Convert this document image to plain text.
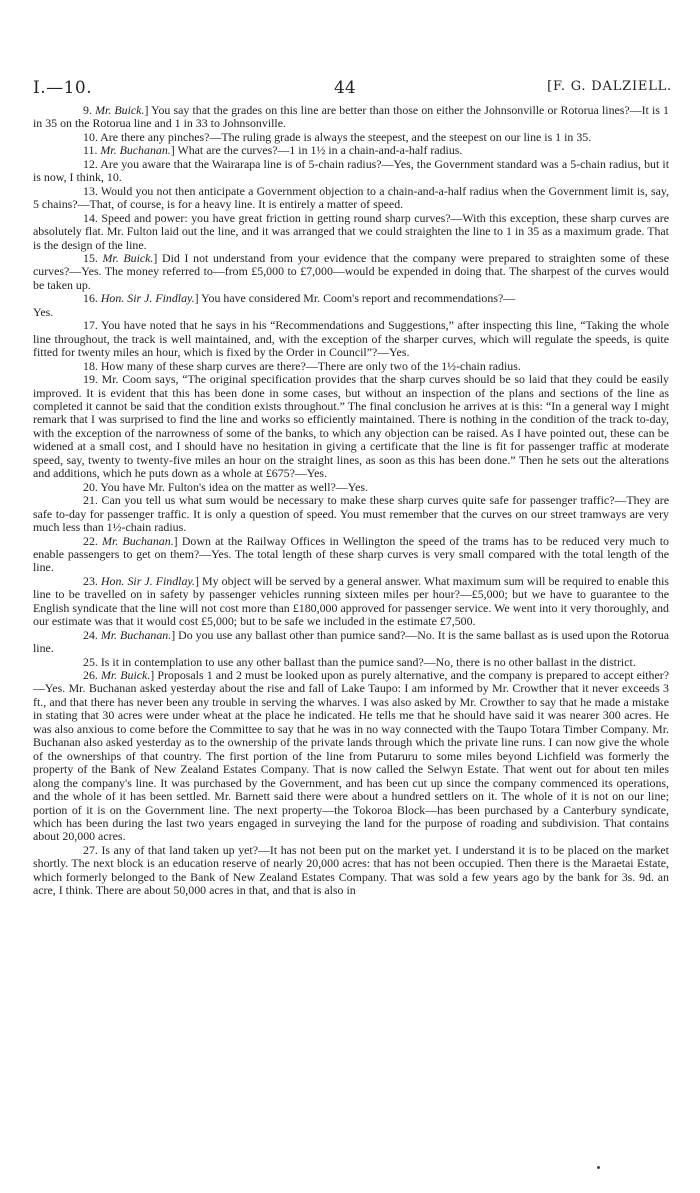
I.—10.	44	[F. G. DALZIELL.

9. Mr. Buick.] You say that the grades on this line are better than those on either the Johnsonville or Rotorua lines?—It is 1 in 35 on the Rotorua line and 1 in 33 to Johnsonville.

10. Are there any pinches?—The ruling grade is always the steepest, and the steepest on our line is 1 in 35.

11. Mr. Buchanan.] What are the curves?—1 in 1½ in a chain-and-a-half radius.

12. Are you aware that the Wairarapa line is of 5-chain radius?—Yes, the Government standard was a 5-chain radius, but it is now, I think, 10.

13. Would you not then anticipate a Government objection to a chain-and-a-half radius when the Government limit is, say, 5 chains?—That, of course, is for a heavy line. It is entirely a matter of speed.

14. Speed and power: you have great friction in getting round sharp curves?—With this exception, these sharp curves are absolutely flat. Mr. Fulton laid out the line, and it was arranged that we could straighten the line to 1 in 35 as a maximum grade. That is the design of the line.

15. Mr. Buick.] Did I not understand from your evidence that the company were prepared to straighten some of these curves?—Yes. The money referred to—from £5,000 to £7,000—would be expended in doing that. The sharpest of the curves would be taken up.

16. Hon. Sir J. Findlay.] You have considered Mr. Coom's report and recommendations?—

Yes.

17. You have noted that he says in his “Recommendations and Suggestions,” after inspecting this line, “Taking the whole line throughout, the track is well maintained, and, with the exception of the sharper curves, which will regulate the speeds, is quite fitted for twenty miles an hour, which is fixed by the Order in Council”?—Yes.

18. How many of these sharp curves are there?—There are only two of the 1½-chain radius.

19. Mr. Coom says, “The original specification provides that the sharp curves should be so laid that they could be easily improved. It is evident that this has been done in some cases, but without an inspection of the plans and sections of the line as completed it cannot be said that the condition exists throughout.” The final conclusion he arrives at is this: “In a general way I might remark that I was surprised to find the line and works so efficiently maintained. There is nothing in the condition of the track to-day, with the exception of the narrowness of some of the banks, to which any objection can be raised. As I have pointed out, these can be widened at a small cost, and I should have no hesitation in giving a certificate that the line is fit for passenger traffic at moderate speed, say, twenty to twenty-five miles an hour on the straight lines, as soon as this has been done.” Then he sets out the alterations and additions, which he puts down as a whole at £675?—Yes.

20. You have Mr. Fulton's idea on the matter as well?—Yes.

21. Can you tell us what sum would be necessary to make these sharp curves quite safe for passenger traffic?—They are safe to-day for passenger traffic. It is only a question of speed. You must remember that the curves on our street tramways are very much less than 1½-chain radius.

22. Mr. Buchanan.] Down at the Railway Offices in Wellington the speed of the trams has to be reduced very much to enable passengers to get on them?—Yes. The total length of these sharp curves is very small compared with the total length of the line.

23. Hon. Sir J. Findlay.] My object will be served by a general answer. What maximum sum will be required to enable this line to be travelled on in safety by passenger vehicles running sixteen miles per hour?—£5,000; but we have to guarantee to the English syndicate that the line will not cost more than £180,000 approved for passenger service. We went into it very thoroughly, and our estimate was that it would cost £5,000; but to be safe we included in the estimate £7,500.

24. Mr. Buchanan.] Do you use any ballast other than pumice sand?—No. It is the same ballast as is used upon the Rotorua line.

25. Is it in contemplation to use any other ballast than the pumice sand?—No, there is no other ballast in the district.

26. Mr. Buick.] Proposals 1 and 2 must be looked upon as purely alternative, and the company is prepared to accept either?—Yes. Mr. Buchanan asked yesterday about the rise and fall of Lake Taupo: I am informed by Mr. Crowther that it never exceeds 3 ft., and that there has never been any trouble in serving the wharves. I was also asked by Mr. Crowther to say that he made a mistake in stating that 30 acres were under wheat at the place he indicated. He tells me that he should have said it was nearer 300 acres. He was also anxious to come before the Committee to say that he was in no way connected with the Taupo Totara Timber Company. Mr. Buchanan also asked yesterday as to the ownership of the private lands through which the private line runs. I can now give the whole of the ownerships of that country. The first portion of the line from Putaruru to some miles beyond Lichfield was formerly the property of the Bank of New Zealand Estates Company. That is now called the Selwyn Estate. That went out for about ten miles along the company's line. It was purchased by the Government, and has been cut up since the company commenced its operations, and the whole of it has been settled. Mr. Barnett said there were about a hundred settlers on it. The whole of it is not on our line; portion of it is on the Government line. The next property—the Tokoroa Block—has been purchased by a Canterbury syndicate, which has been during the last two years engaged in surveying the land for the purpose of roading and subdivision. That contains about 20,000 acres.

27. Is any of that land taken up yet?—It has not been put on the market yet. I understand it is to be placed on the market shortly. The next block is an education reserve of nearly 20,000 acres: that has not been occupied. Then there is the Maraetai Estate, which formerly belonged to the Bank of New Zealand Estates Company. That was sold a few years ago by the bank for 3s. 9d. an acre, I think. There are about 50,000 acres in that, and that is also in
